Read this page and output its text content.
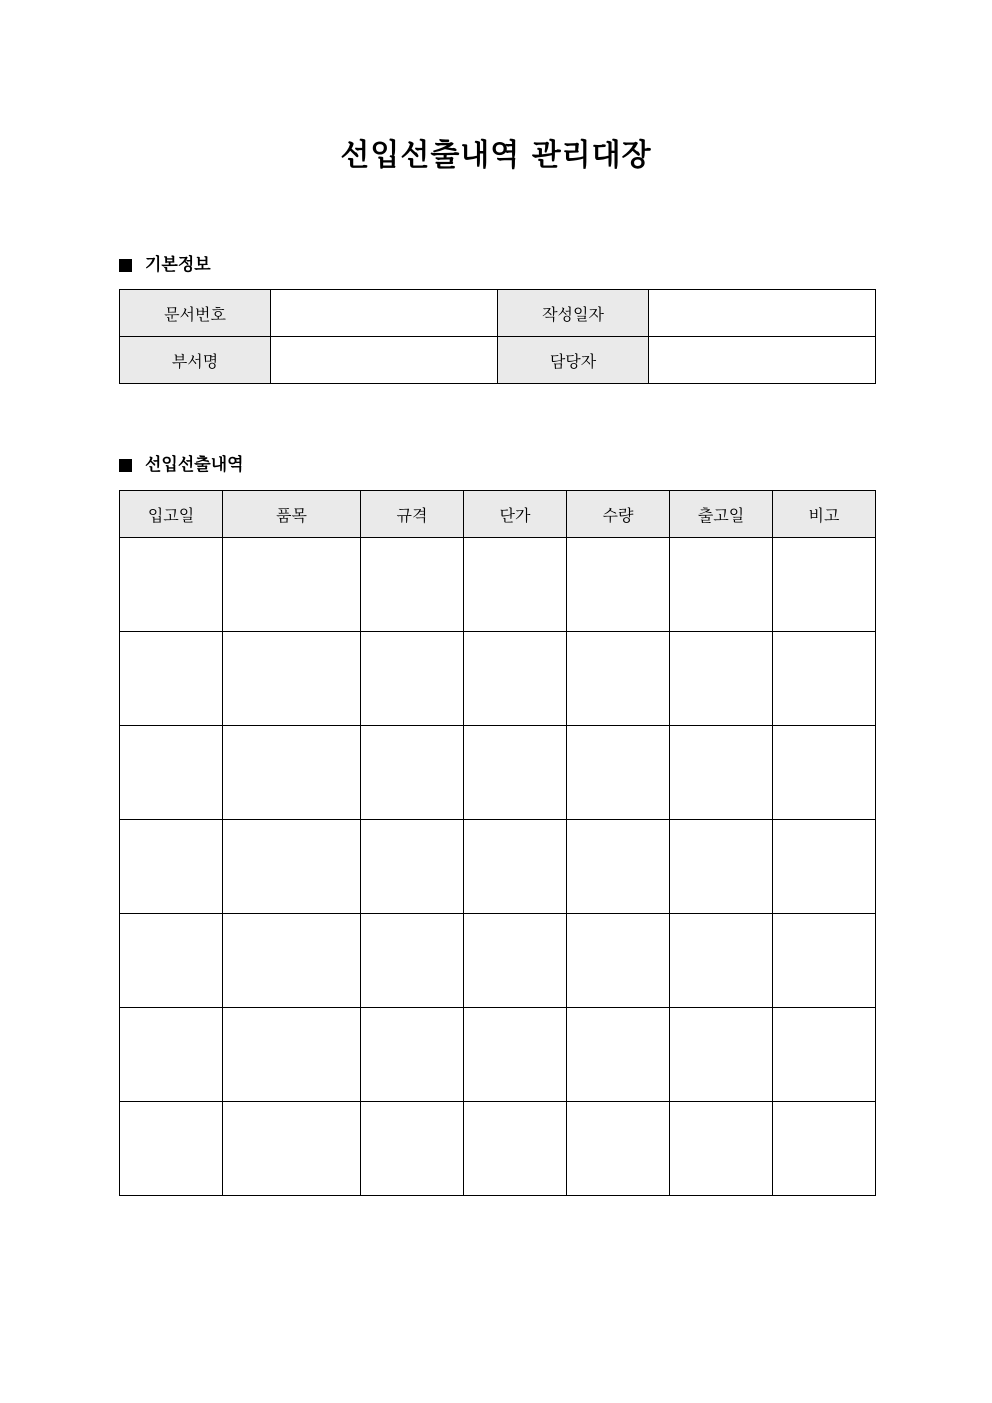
선입선출내역 관리대장
기본정보
문서번호		작성일자	
부서명		담당자	
선입선출내역
입고일	품목	규격	단가	수량	출고일	비고
